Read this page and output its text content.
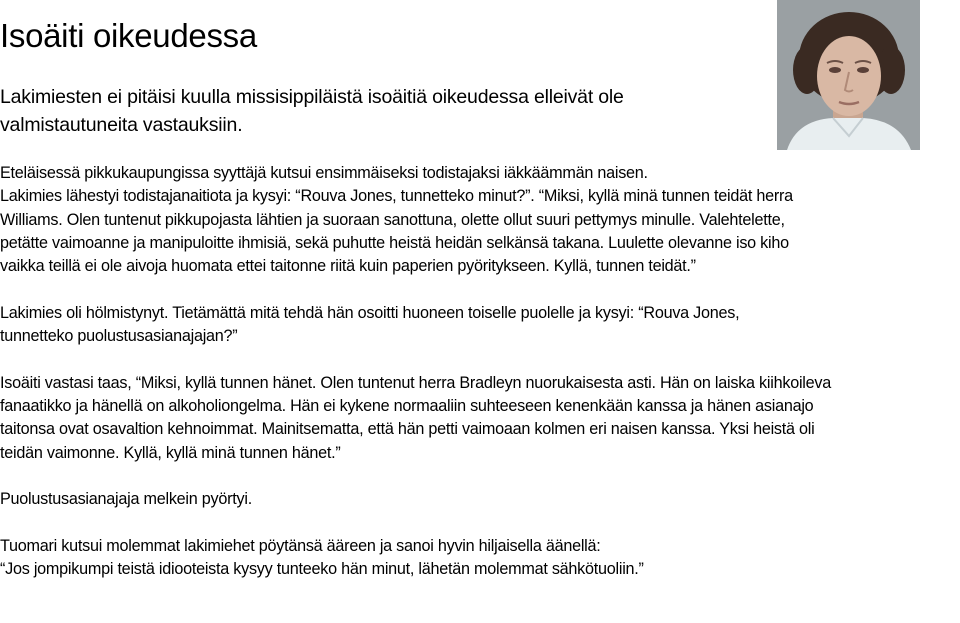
Isoäiti oikeudessa

Lakimiesten ei pitäisi kuulla missisippiläistä isoäitiä oikeudessa elleivät ole valmistautuneita vastauksiin.

Eteläisessä pikkukaupungissa syyttäjä kutsui ensimmäiseksi todistajaksi iäkkäämmän naisen.
Lakimies lähestyi todistajanaitiota ja kysyi: “Rouva Jones, tunnetteko minut?”. “Miksi, kyllä minä tunnen teidät herra
Williams. Olen tuntenut pikkupojasta lähtien ja suoraan sanottuna, olette ollut suuri pettymys minulle. Valehtelette,
petätte vaimoanne ja manipuloitte ihmisiä, sekä puhutte heistä heidän selkänsä takana. Luulette olevanne iso kiho
vaikka teillä ei ole aivoja huomata ettei taitonne riitä kuin paperien pyöritykseen. Kyllä, tunnen teidät.”

Lakimies oli hölmistynyt. Tietämättä mitä tehdä hän osoitti huoneen toiselle puolelle ja kysyi: “Rouva Jones,
tunnetteko puolustusasianajajan?”

Isoäiti vastasi taas, “Miksi, kyllä tunnen hänet. Olen tuntenut herra Bradleyn nuorukaisesta asti. Hän on laiska kiihkoileva
fanaatikko ja hänellä on alkoholiongelma. Hän ei kykene normaaliin suhteeseen kenenkään kanssa ja hänen asianajo
taitonsa ovat osavaltion kehnoimmat. Mainitsematta, että hän petti vaimoaan kolmen eri naisen kanssa. Yksi heistä oli
teidän vaimonne. Kyllä, kyllä minä tunnen hänet.”

Puolustusasianajaja melkein pyörtyi.

Tuomari kutsui molemmat lakimiehet pöytänsä ääreen ja sanoi hyvin hiljaisella äänellä:
“Jos jompikumpi teistä idiooteista kysyy tunteeko hän minut, lähetän molemmat sähkötuoliin.”
